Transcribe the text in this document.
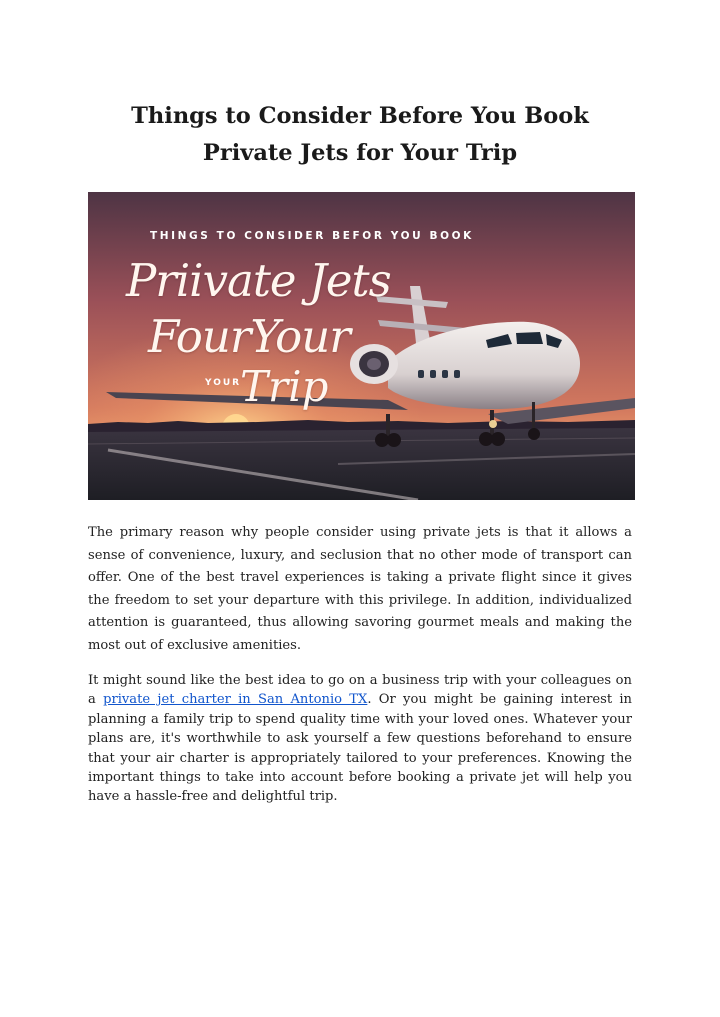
Things to Consider Before You Book
Private Jets for Your Trip
THINGS TO CONSIDER BEFOR YOU BOOK
Priivate Jets
FourYour
YOUR
Trip

The primary reason why people consider using private jets is that it allows a sense of convenience, luxury, and seclusion that no other mode of transport can offer. One of the best travel experiences is taking a private flight since it gives the freedom to set your departure with this privilege. In addition, individualized attention is guaranteed, thus allowing savoring gourmet meals and making the most out of exclusive amenities.

It might sound like the best idea to go on a business trip with your colleagues on a private jet charter in San Antonio TX. Or you might be gaining interest in planning a family trip to spend quality time with your loved ones. Whatever your plans are, it's worthwhile to ask yourself a few questions beforehand to ensure that your air charter is appropriately tailored to your preferences. Knowing the important things to take into account before booking a private jet will help you have a hassle-free and delightful trip.
